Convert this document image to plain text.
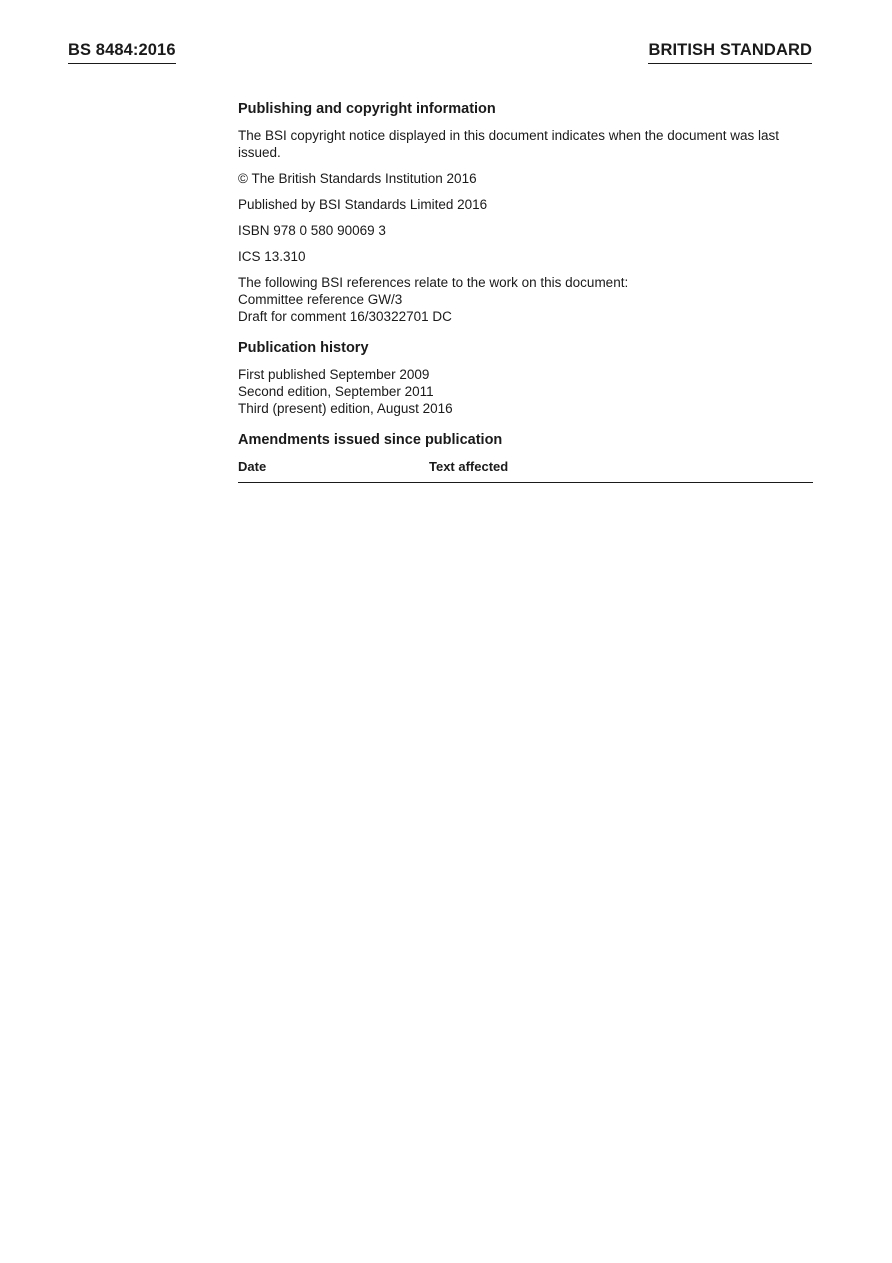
BS 8484:2016	BRITISH STANDARD
Publishing and copyright information
The BSI copyright notice displayed in this document indicates when the document was last issued.
© The British Standards Institution 2016
Published by BSI Standards Limited 2016
ISBN 978 0 580 90069 3
ICS 13.310
The following BSI references relate to the work on this document:
Committee reference GW/3
Draft for comment 16/30322701 DC
Publication history
First published September 2009
Second edition, September 2011
Third (present) edition, August 2016
Amendments issued since publication
Date	Text affected
